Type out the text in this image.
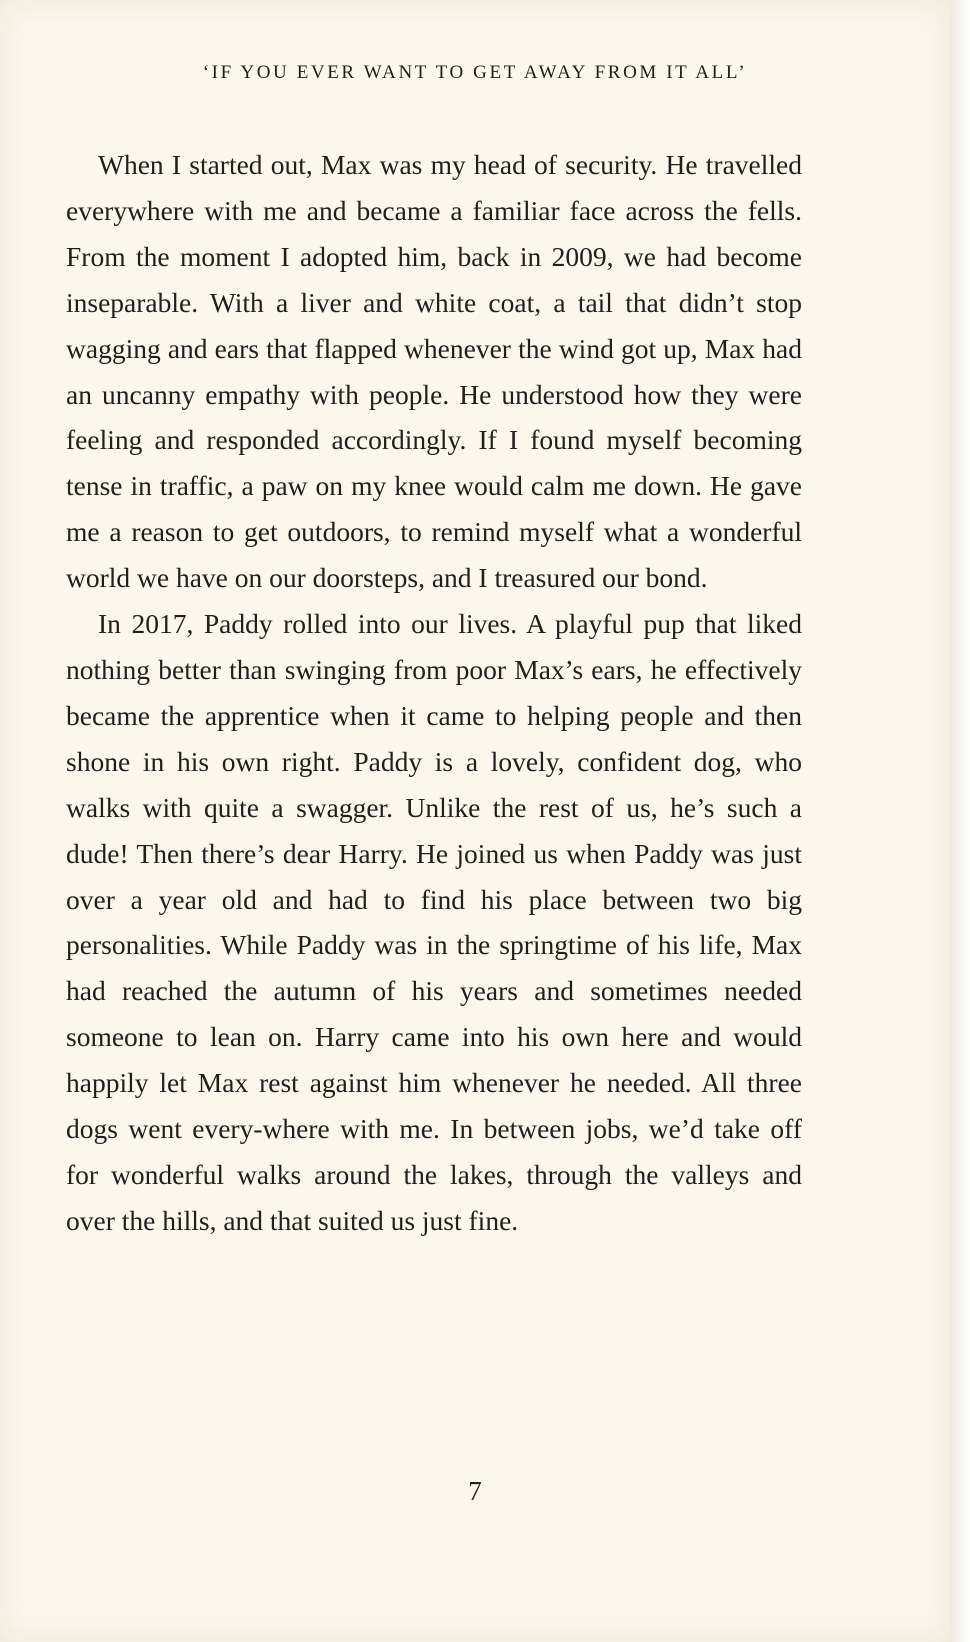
‘IF YOU EVER WANT TO GET AWAY FROM IT ALL’

When I started out, Max was my head of security. He travelled everywhere with me and became a familiar face across the fells. From the moment I adopted him, back in 2009, we had become inseparable. With a liver and white coat, a tail that didn’t stop wagging and ears that flapped whenever the wind got up, Max had an uncanny empathy with people. He understood how they were feeling and responded accordingly. If I found myself becoming tense in traffic, a paw on my knee would calm me down. He gave me a reason to get outdoors, to remind myself what a wonderful world we have on our doorsteps, and I treasured our bond.

In 2017, Paddy rolled into our lives. A playful pup that liked nothing better than swinging from poor Max’s ears, he effectively became the apprentice when it came to helping people and then shone in his own right. Paddy is a lovely, confident dog, who walks with quite a swagger. Unlike the rest of us, he’s such a dude! Then there’s dear Harry. He joined us when Paddy was just over a year old and had to find his place between two big personalities. While Paddy was in the springtime of his life, Max had reached the autumn of his years and sometimes needed someone to lean on. Harry came into his own here and would happily let Max rest against him whenever he needed. All three dogs went every-where with me. In between jobs, we’d take off for wonderful walks around the lakes, through the valleys and over the hills, and that suited us just fine.

7
